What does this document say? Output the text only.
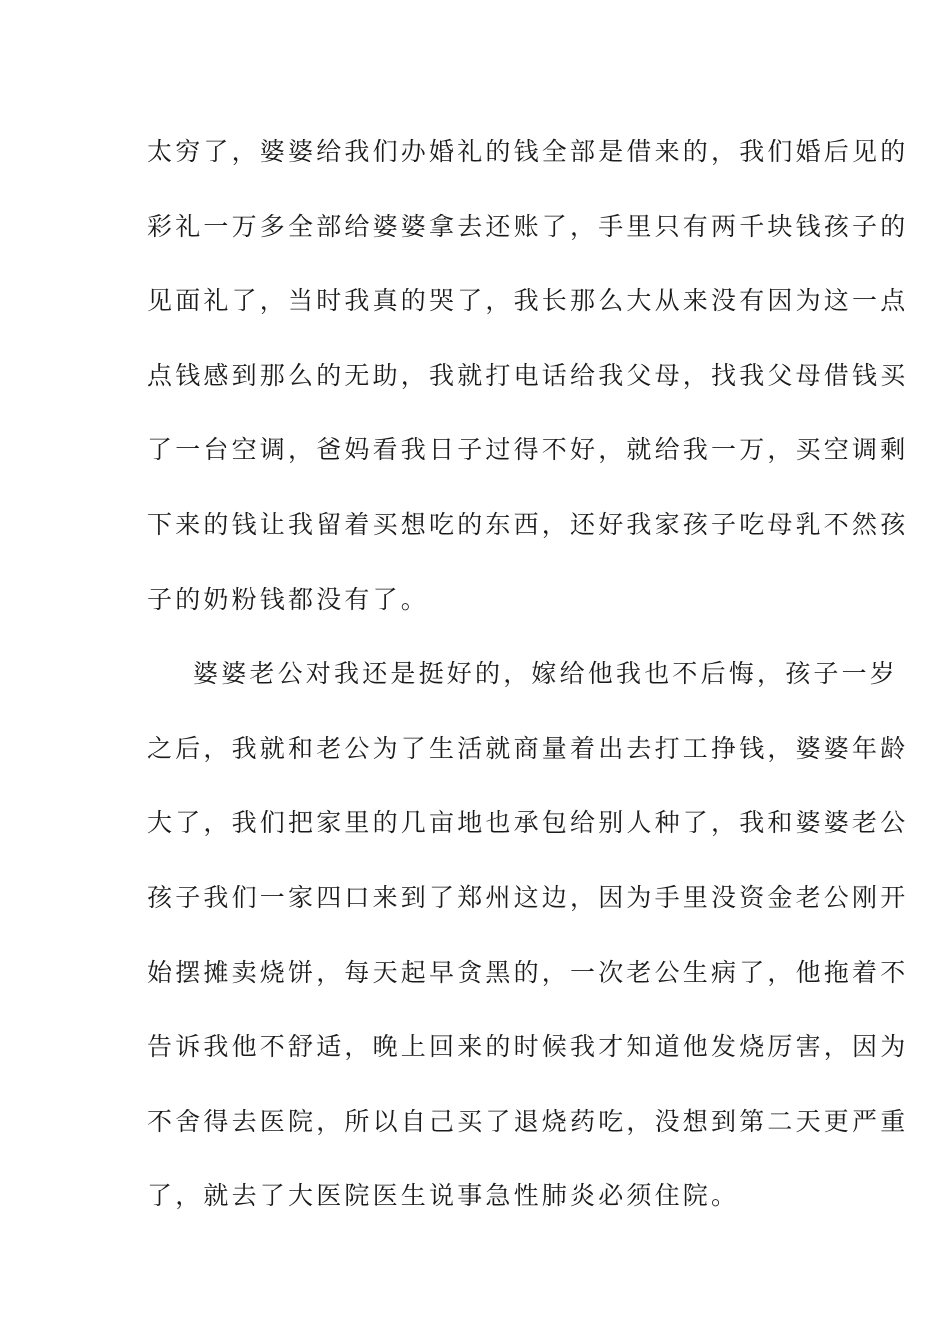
太穷了，婆婆给我们办婚礼的钱全部是借来的，我们婚后见的
彩礼一万多全部给婆婆拿去还账了，手里只有两千块钱孩子的
见面礼了，当时我真的哭了，我长那么大从来没有因为这一点
点钱感到那么的无助，我就打电话给我父母，找我父母借钱买
了一台空调，爸妈看我日子过得不好，就给我一万，买空调剩
下来的钱让我留着买想吃的东西，还好我家孩子吃母乳不然孩
子的奶粉钱都没有了。
婆婆老公对我还是挺好的，嫁给他我也不后悔，孩子一岁
之后，我就和老公为了生活就商量着出去打工挣钱，婆婆年龄
大了，我们把家里的几亩地也承包给别人种了，我和婆婆老公
孩子我们一家四口来到了郑州这边，因为手里没资金老公刚开
始摆摊卖烧饼，每天起早贪黑的，一次老公生病了，他拖着不
告诉我他不舒适，晚上回来的时候我才知道他发烧厉害，因为
不舍得去医院，所以自己买了退烧药吃，没想到第二天更严重
了，就去了大医院医生说事急性肺炎必须住院。
